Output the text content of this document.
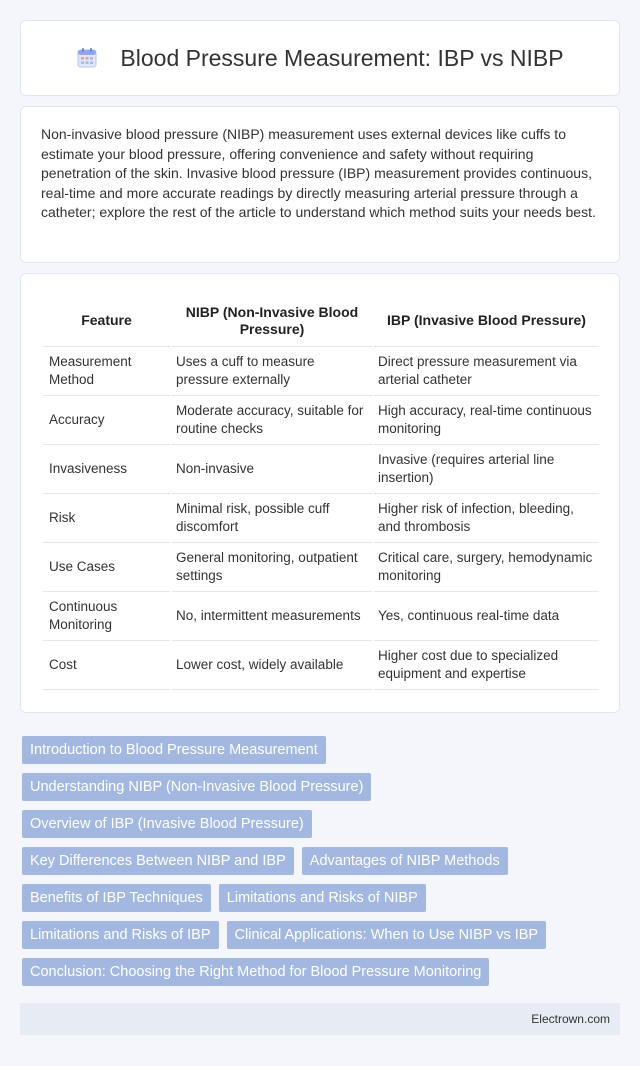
Blood Pressure Measurement: IBP vs NIBP

Non-invasive blood pressure (NIBP) measurement uses external devices like cuffs to estimate your blood pressure, offering convenience and safety without requiring penetration of the skin. Invasive blood pressure (IBP) measurement provides continuous, real-time and more accurate readings by directly measuring arterial pressure through a catheter; explore the rest of the article to understand which method suits your needs best.

Feature	NIBP (Non-Invasive Blood Pressure)	IBP (Invasive Blood Pressure)
Measurement Method	Uses a cuff to measure pressure externally	Direct pressure measurement via arterial catheter
Accuracy	Moderate accuracy, suitable for routine checks	High accuracy, real-time continuous monitoring
Invasiveness	Non-invasive	Invasive (requires arterial line insertion)
Risk	Minimal risk, possible cuff discomfort	Higher risk of infection, bleeding, and thrombosis
Use Cases	General monitoring, outpatient settings	Critical care, surgery, hemodynamic monitoring
Continuous Monitoring	No, intermittent measurements	Yes, continuous real-time data
Cost	Lower cost, widely available	Higher cost due to specialized equipment and expertise
Introduction to Blood Pressure Measurement
Understanding NIBP (Non-Invasive Blood Pressure)
Overview of IBP (Invasive Blood Pressure)
Key Differences Between NIBP and IBP	Advantages of NIBP Methods
Benefits of IBP Techniques	Limitations and Risks of NIBP
Limitations and Risks of IBP	Clinical Applications: When to Use NIBP vs IBP
Conclusion: Choosing the Right Method for Blood Pressure Monitoring
Electrown.com
